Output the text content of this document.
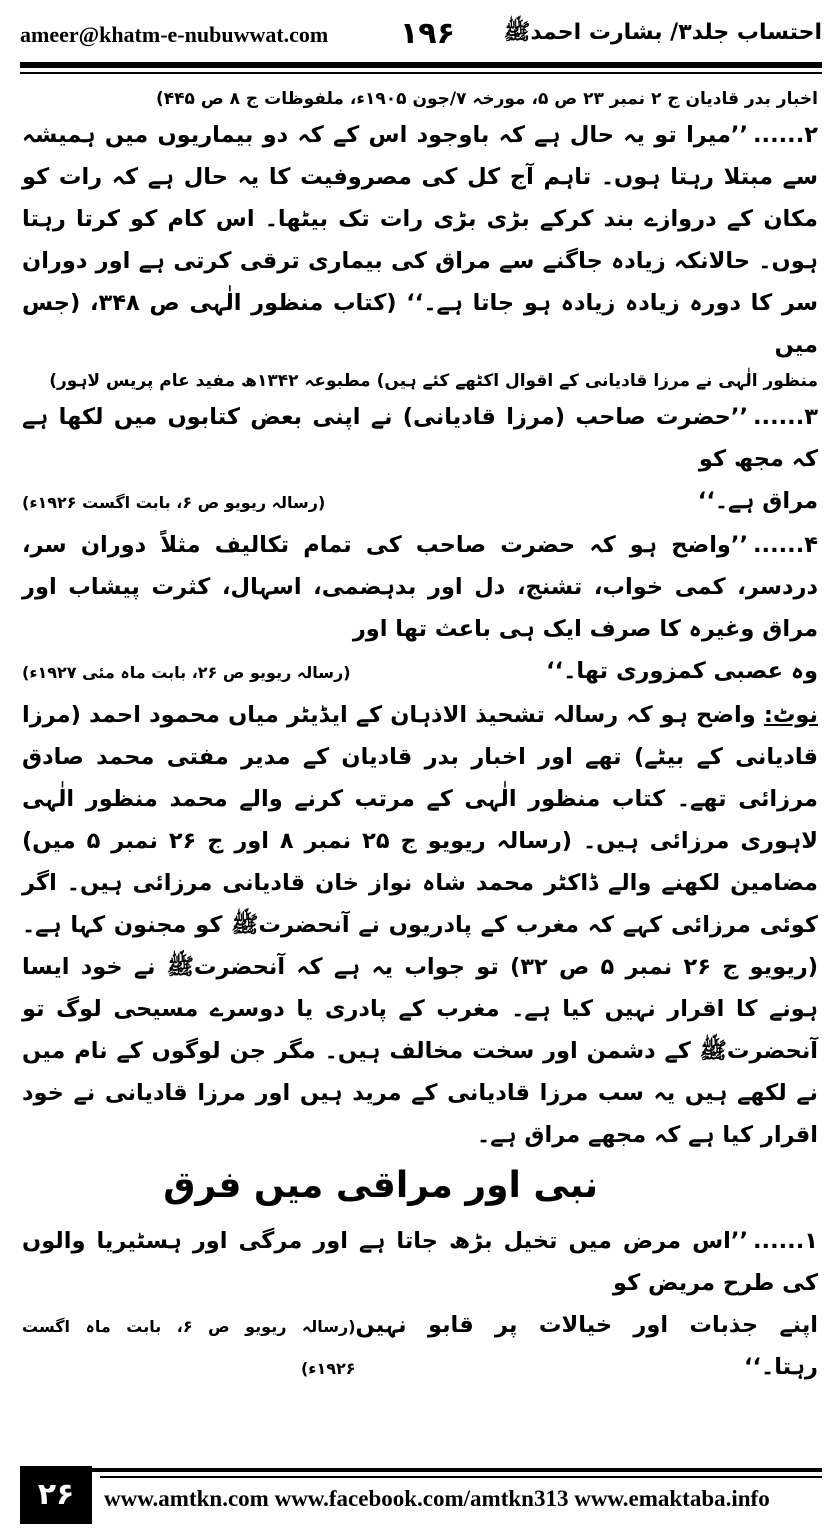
ameer@khatm-e-nubuwwat.com ۱۹۶ احتساب جلد۳/ بشارت احمدﷺ

اخبار بدر قادیان ج ۲ نمبر ۲۳ ص ۵، مورخہ ۷/جون ۱۹۰۵ء، ملفوظات ج ۸ ص ۴۴۵)

۲......’’میرا تو یہ حال ہے کہ باوجود اس کے کہ دو بیماریوں میں ہمیشہ سے مبتلا رہتا ہوں۔ تاہم آج کل کی مصروفیت کا یہ حال ہے کہ رات کو مکان کے دروازے بند کرکے بڑی بڑی رات تک بیٹھا۔ اس کام کو کرتا رہتا ہوں۔ حالانکہ زیادہ جاگنے سے مراق کی بیماری ترقی کرتی ہے اور دوران سر کا دورہ زیادہ زیادہ ہو جاتا ہے۔‘‘ (کتاب منظور الٰہی ص ۳۴۸، (جس میں

منظور الٰہی نے مرزا قادیانی کے اقوال اکٹھے کئے ہیں) مطبوعہ ۱۳۴۲ھ مفید عام پریس لاہور)

۳......’’حضرت صاحب (مرزا قادیانی) نے اپنی بعض کتابوں میں لکھا ہے کہ مجھ کو

مراق ہے۔‘‘
(رسالہ ریویو ص ۶، بابت اگست ۱۹۲۶ء)

۴......’’واضح ہو کہ حضرت صاحب کی تمام تکالیف مثلاً دوران سر، دردسر، کمی خواب، تشنج، دل اور بدہضمی، اسہال، کثرت پیشاب اور مراق وغیرہ کا صرف ایک ہی باعث تھا اور

وہ عصبی کمزوری تھا۔‘‘
(رسالہ ریویو ص ۲۶، بابت ماہ مئی ۱۹۲۷ء)

نوٹ: واضح ہو کہ رسالہ تشحیذ الاذہان کے ایڈیٹر میاں محمود احمد (مرزا قادیانی کے بیٹے) تھے اور اخبار بدر قادیان کے مدیر مفتی محمد صادق مرزائی تھے۔ کتاب منظور الٰہی کے مرتب کرنے والے محمد منظور الٰہی لاہوری مرزائی ہیں۔ (رسالہ ریویو ج ۲۵ نمبر ۸ اور ج ۲۶ نمبر ۵ میں) مضامین لکھنے والے ڈاکٹر محمد شاہ نواز خان قادیانی مرزائی ہیں۔ اگر کوئی مرزائی کہے کہ مغرب کے پادریوں نے آنحضرتﷺ کو مجنون کہا ہے۔ (ریویو ج ۲۶ نمبر ۵ ص ۳۲) تو جواب یہ ہے کہ آنحضرتﷺ نے خود ایسا ہونے کا اقرار نہیں کیا ہے۔ مغرب کے پادری یا دوسرے مسیحی لوگ تو آنحضرتﷺ کے دشمن اور سخت مخالف ہیں۔ مگر جن لوگوں کے نام میں نے لکھے ہیں یہ سب مرزا قادیانی کے مرید ہیں اور مرزا قادیانی نے خود اقرار کیا ہے کہ مجھے مراق ہے۔

نبی اور مراقی میں فرق

۱......’’اس مرض میں تخیل بڑھ جاتا ہے اور مرگی اور ہسٹیریا والوں کی طرح مریض کو

اپنے جذبات اور خیالات پر قابو نہیں رہتا۔‘‘
(رسالہ ریویو ص ۶، بابت ماہ اگست ۱۹۲۶ء)
۲۶	www.amtkn.com www.facebook.com/amtkn313 www.emaktaba.info
